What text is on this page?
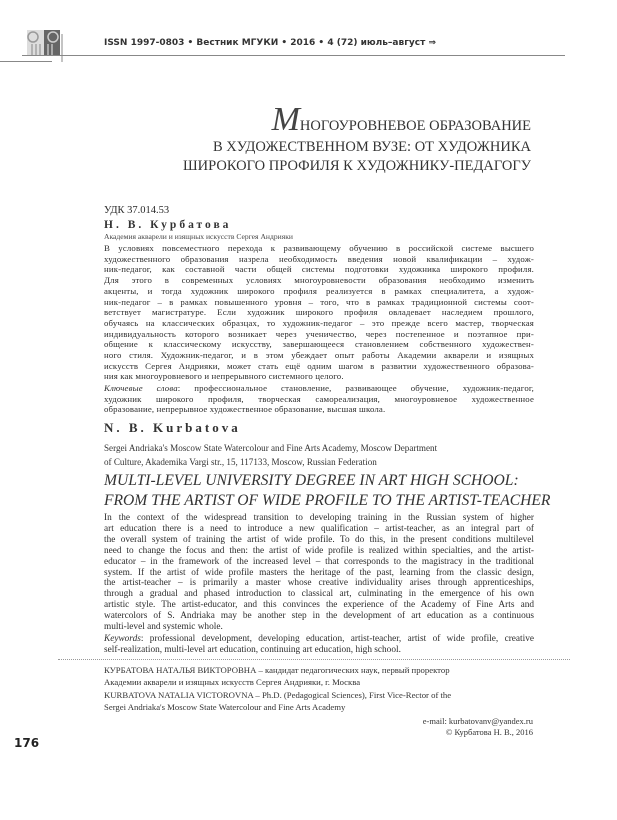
ISSN 1997-0803 • Вестник МГУКИ • 2016 • 4 (72) июль–август ⇒
МНОГОУРОВНЕВОЕ ОБРАЗОВАНИЕ
В ХУДОЖЕСТВЕННОМ ВУЗЕ: ОТ ХУДОЖНИКА
ШИРОКОГО ПРОФИЛЯ К ХУДОЖНИКУ-ПЕДАГОГУ
УДК 37.014.53
Н. В. Курбатова
Академия акварели и изящных искусств Сергея Андрияки
В условиях повсеместного перехода к развивающему обучению в российской системе высшего
художественного образования назрела необходимость введения новой квалификации – худож-
ник-педагог, как составной части общей системы подготовки художника широкого профиля.
Для этого в современных условиях многоуровневости образования необходимо изменить
акценты, и тогда художник широкого профиля реализуется в рамках специалитета, а худож-
ник-педагог – в рамках повышенного уровня – того, что в рамках традиционной системы соот-
ветствует магистратуре. Если художник широкого профиля овладевает наследием прошлого,
обучаясь на классических образцах, то художник-педагог – это прежде всего мастер, творческая
индивидуальность которого возникает через ученичество, через постепенное и поэтапное при-
общение к классическому искусству, завершающееся становлением собственного художествен-
ного стиля. Художник-педагог, и в этом убеждает опыт работы Академии акварели и изящных
искусств Сергея Андрияки, может стать ещё одним шагом в развитии художественного образова-
ния как многоуровневого и непрерывного системного целого.
Ключевые слова: профессиональное становление, развивающее обучение, художник-педагог,
художник широкого профиля, творческая самореализация, многоуровневое художественное
образование, непрерывное художественное образование, высшая школа.
N. B. Kurbatova
Sergei Andriaka's Moscow State Watercolour and Fine Arts Academy, Moscow Department
of Culture, Akademika Vargi str., 15, 117133, Moscow, Russian Federation
MULTI-LEVEL UNIVERSITY DEGREE IN ART HIGH SCHOOL:
FROM THE ARTIST OF WIDE PROFILE TO THE ARTIST-TEACHER
In the context of the widespread transition to developing training in the Russian system of higher
art education there is a need to introduce a new qualification – artist-teacher, as an integral part of
the overall system of training the artist of wide profile. To do this, in the present conditions multilevel
need to change the focus and then: the artist of wide profile is realized within specialties, and the artist-
educator – in the framework of the increased level – that corresponds to the magistracy in the traditional
system. If the artist of wide profile masters the heritage of the past, learning from the classic design,
the artist-teacher – is primarily a master whose creative individuality arises through apprenticeships,
through a gradual and phased introduction to classical art, culminating in the emergence of his own
artistic style. The artist-educator, and this convinces the experience of the Academy of Fine Arts and
watercolors of S. Andriaka may be another step in the development of art education as a continuous
multi-level and systemic whole.
Keywords: professional development, developing education, artist-teacher, artist of wide profile, creative
self-realization, multi-level art education, continuing art education, high school.
КУРБАТОВА НАТАЛЬЯ ВИКТОРОВНА – кандидат педагогических наук, первый проректор
Академии акварели и изящных искусств Сергея Андрияки, г. Москва
KURBATOVA NATALIA VICTOROVNA – Ph.D. (Pedagogical Sciences), First Vice-Rector of the
Sergei Andriaka's Moscow State Watercolour and Fine Arts Academy
e-mail: kurbatovanv@yandex.ru
© Курбатова Н. В., 2016
176
